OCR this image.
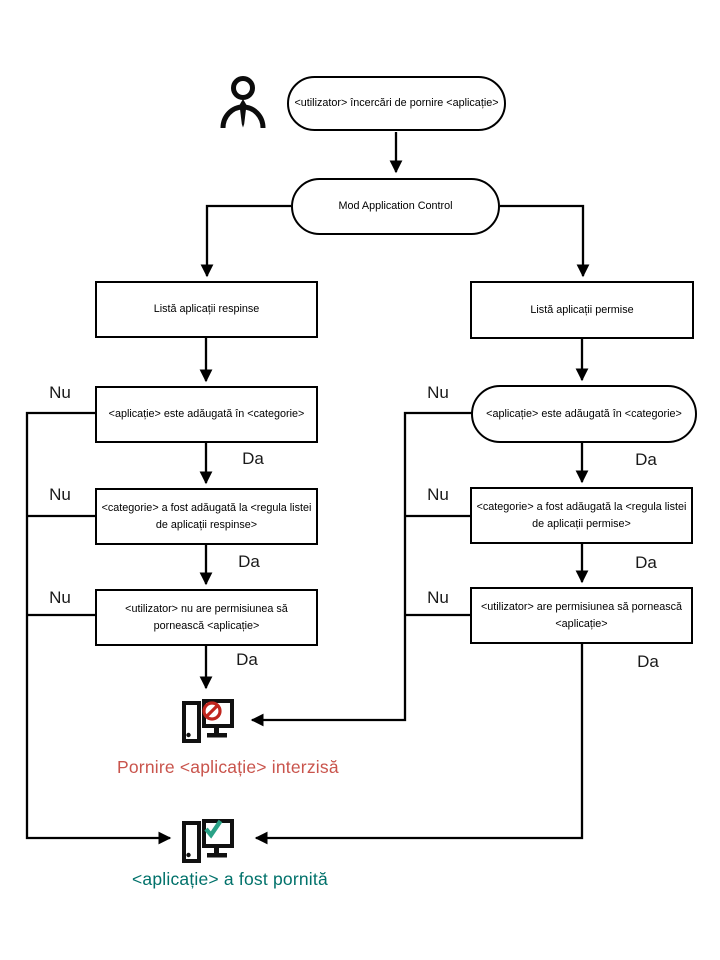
<utilizator> încercări de pornire <aplicație>
Mod Application Control
Listă aplicații respinse	Listă aplicații permise
<aplicație> este adăugată în <categorie>	<aplicație> este adăugată în <categorie>
<categorie> a fost adăugată la <regula listei de aplicații respinse>
<categorie> a fost adăugată la <regula listei de aplicații permise>
<utilizator> nu are permisiunea să pornească <aplicație>
<utilizator> are permisiunea să pornească <aplicație>
Nu
Nu
Nu
Nu
Nu
Nu
Da
Da
Da
Da
Da
Da
Pornire <aplicație> interzisă
<aplicație> a fost pornită
